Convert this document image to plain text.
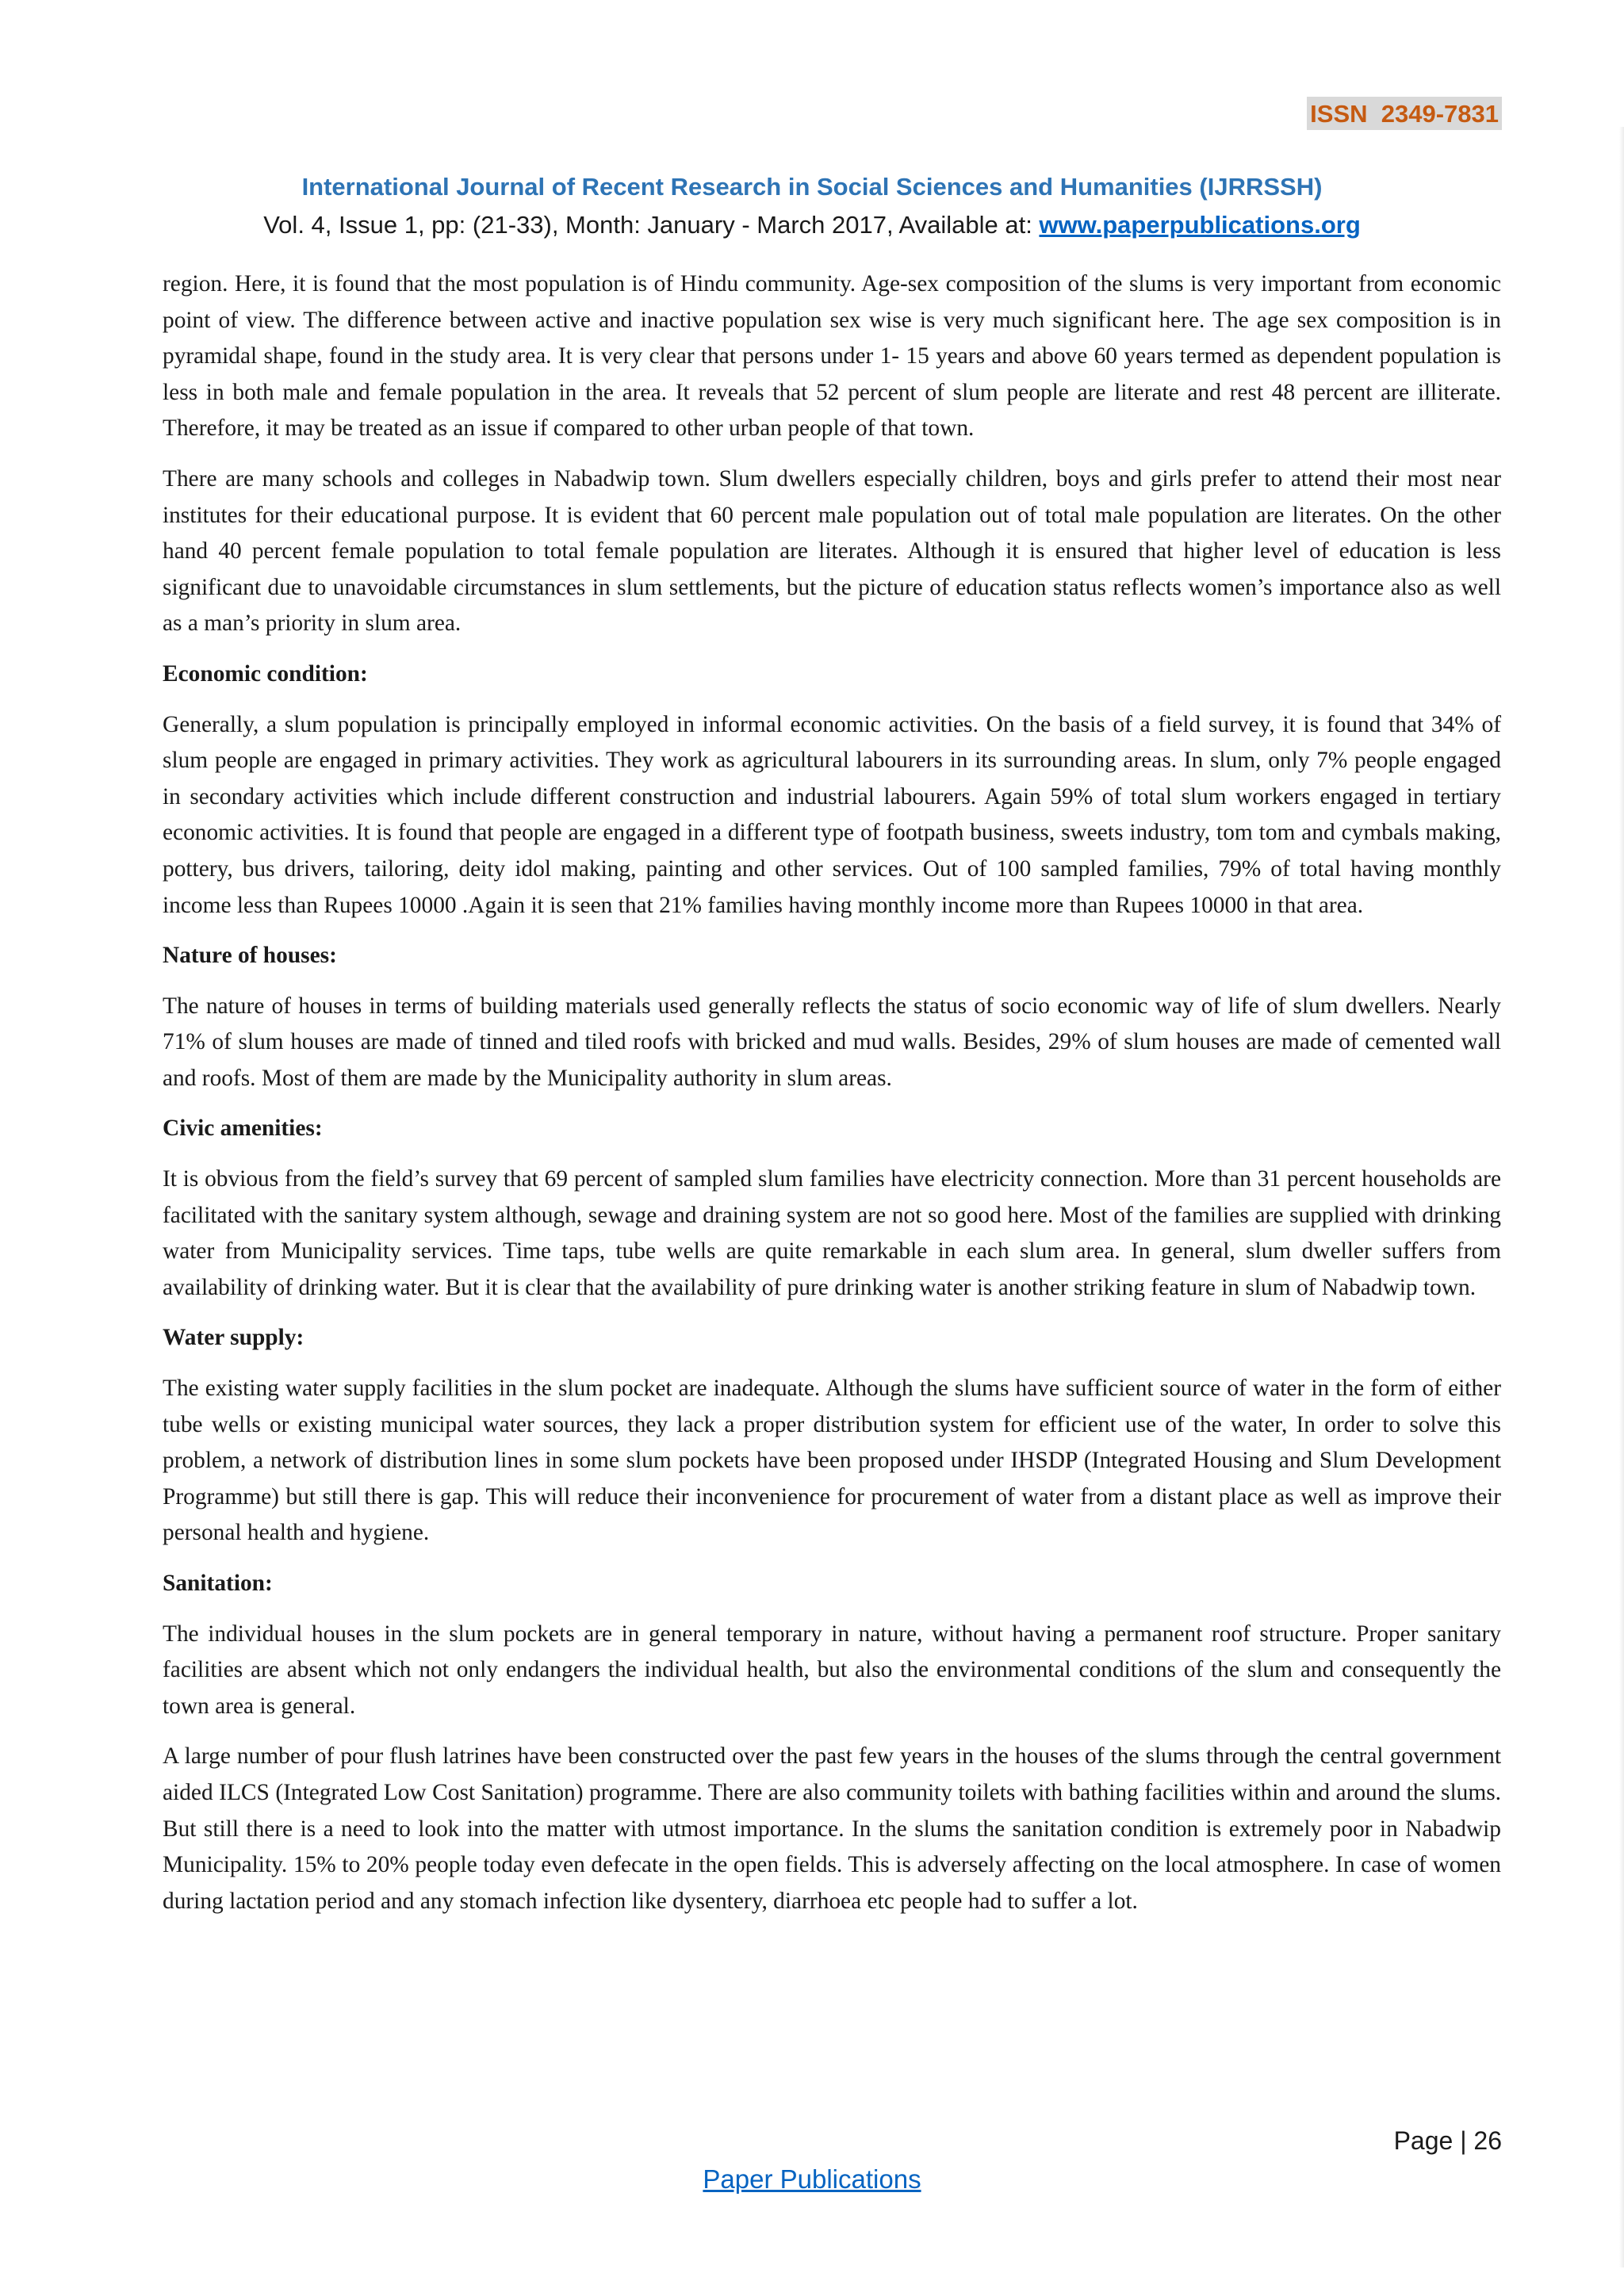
ISSN  2349-7831
International Journal of Recent Research in Social Sciences and Humanities (IJRRSSH)
Vol. 4, Issue 1, pp: (21-33), Month: January - March 2017, Available at: www.paperpublications.org

region. Here, it is found that the most population is of Hindu community. Age-sex composition of the slums is very important from economic point of view. The difference between active and inactive population sex wise is very much significant here. The age sex composition is in pyramidal shape, found in the study area. It is very clear that persons under 1- 15 years and above 60 years termed as dependent population is less in both male and female population in the area. It reveals that 52 percent of slum people are literate and rest 48 percent are illiterate. Therefore, it may be treated as an issue if compared to other urban people of that town.

There are many schools and colleges in Nabadwip town. Slum dwellers especially children, boys and girls prefer to attend their most near institutes for their educational purpose. It is evident that 60 percent male population out of total male population are literates. On the other hand 40 percent female population to total female population are literates. Although it is ensured that higher level of education is less significant due to unavoidable circumstances in slum settlements, but the picture of education status reflects women’s importance also as well as a man’s priority in slum area.

Economic condition:

Generally, a slum population is principally employed in informal economic activities. On the basis of a field survey, it is found that 34% of slum people are engaged in primary activities. They work as agricultural labourers in its surrounding areas. In slum, only 7% people engaged in secondary activities which include different construction and industrial labourers. Again 59% of total slum workers engaged in tertiary economic activities. It is found that people are engaged in a different type of footpath business, sweets industry, tom tom and cymbals making, pottery, bus drivers, tailoring, deity idol making, painting and other services. Out of 100 sampled families, 79% of total having monthly income less than Rupees 10000 .Again it is seen that 21% families having monthly income more than Rupees 10000 in that area.

Nature of houses:

The nature of houses in terms of building materials used generally reflects the status of socio economic way of life of slum dwellers. Nearly 71% of slum houses are made of tinned and tiled roofs with bricked and mud walls. Besides, 29% of slum houses are made of cemented wall and roofs. Most of them are made by the Municipality authority in slum areas.

Civic amenities:

It is obvious from the field’s survey that 69 percent of sampled slum families have electricity connection. More than 31 percent households are facilitated with the sanitary system although, sewage and draining system are not so good here. Most of the families are supplied with drinking water from Municipality services. Time taps, tube wells are quite remarkable in each slum area. In general, slum dweller suffers from availability of drinking water. But it is clear that the availability of pure drinking water is another striking feature in slum of Nabadwip town.

Water supply:

The existing water supply facilities in the slum pocket are inadequate. Although the slums have sufficient source of water in the form of either tube wells or existing municipal water sources, they lack a proper distribution system for efficient use of the water, In order to solve this problem, a network of distribution lines in some slum pockets have been proposed under IHSDP (Integrated Housing and Slum Development Programme) but still there is gap. This will reduce their inconvenience for procurement of water from a distant place as well as improve their personal health and hygiene.

Sanitation:

The individual houses in the slum pockets are in general temporary in nature, without having a permanent roof structure. Proper sanitary facilities are absent which not only endangers the individual health, but also the environmental conditions of the slum and consequently the town area is general.

A large number of pour flush latrines have been constructed over the past few years in the houses of the slums through the central government aided ILCS (Integrated Low Cost Sanitation) programme. There are also community toilets with bathing facilities within and around the slums. But still there is a need to look into the matter with utmost importance. In the slums the sanitation condition is extremely poor in Nabadwip Municipality. 15% to 20% people today even defecate in the open fields. This is adversely affecting on the local atmosphere. In case of women during lactation period and any stomach infection like dysentery, diarrhoea etc people had to suffer a lot.

Page | 26
Paper Publications
